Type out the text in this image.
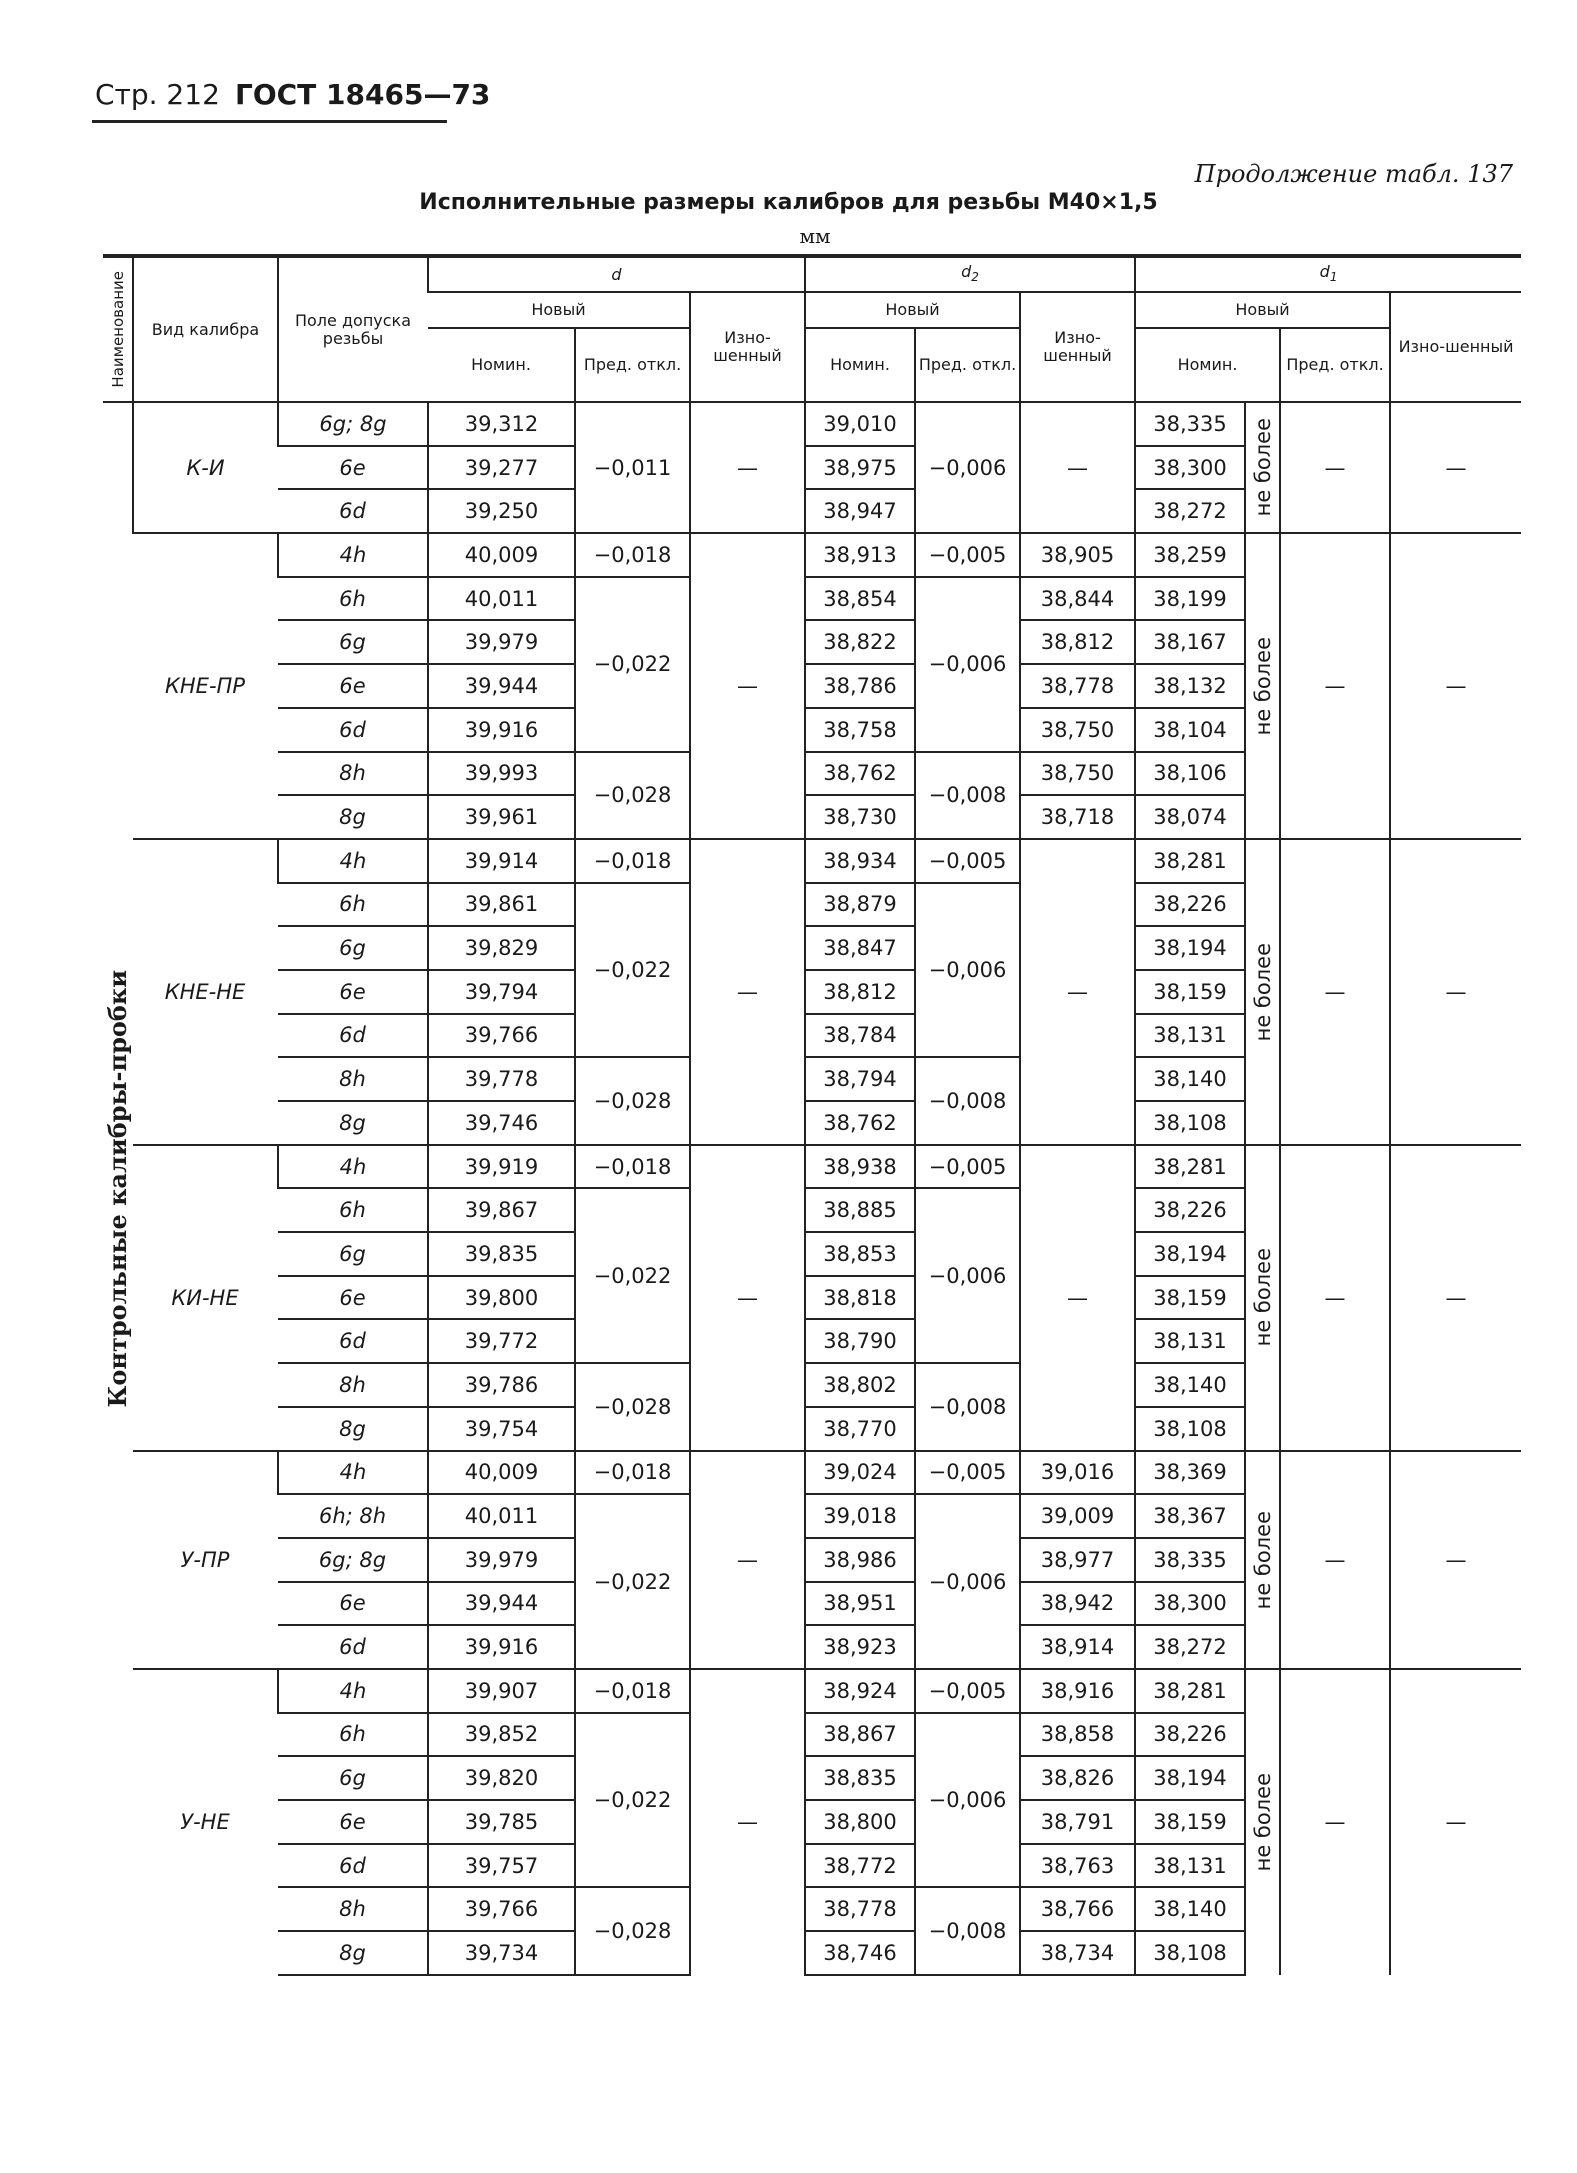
Стр. 212 ГОСТ 18465—73
Продолжение табл. 137
Исполнительные размеры калибров для резьбы М40×1,5
мм
Наименование	Вид калибра	Поле допуска резьбы	d			$d_2$			$d_1$
			Новый		Изно-шенный	Новый		Изно-шенный	Новый			Изно-шенный
			Номин.	Пред. откл.		Номин.	Пред. откл.		Номин.		Пред. откл.	

Контрольные калибры-пробки	К-И	6g; 8g	39,312	−0,011	—	39,010	−0,006	—	38,335	не более	—	—
		6e	39,277			38,975			38,300			
		6d	39,250			38,947			38,272			
	КНЕ-ПР	4h	40,009	−0,018	—	38,913	−0,005	38,905	38,259	не более	—	—
		6h	40,011	−0,022		38,854	−0,006	38,844	38,199			
		6g	39,979			38,822		38,812	38,167			
		6e	39,944			38,786		38,778	38,132			
		6d	39,916			38,758		38,750	38,104			
		8h	39,993	−0,028		38,762	−0,008	38,750	38,106			
		8g	39,961			38,730		38,718	38,074			
	КНЕ-НЕ	4h	39,914	−0,018	—	38,934	−0,005	—	38,281	не более	—	—
		6h	39,861	−0,022		38,879	−0,006		38,226			
		6g	39,829			38,847			38,194			
		6e	39,794			38,812			38,159			
		6d	39,766			38,784			38,131			
		8h	39,778	−0,028		38,794	−0,008		38,140			
		8g	39,746			38,762			38,108			
	КИ-НЕ	4h	39,919	−0,018	—	38,938	−0,005	—	38,281	не более	—	—
		6h	39,867	−0,022		38,885	−0,006		38,226			
		6g	39,835			38,853			38,194			
		6e	39,800			38,818			38,159			
		6d	39,772			38,790			38,131			
		8h	39,786	−0,028		38,802	−0,008		38,140			
		8g	39,754			38,770			38,108			
	У-ПР	4h	40,009	−0,018	—	39,024	−0,005	39,016	38,369	не более	—	—
		6h; 8h	40,011	−0,022		39,018	−0,006	39,009	38,367			
		6g; 8g	39,979			38,986		38,977	38,335			
		6e	39,944			38,951		38,942	38,300			
		6d	39,916			38,923		38,914	38,272			
	У-НЕ	4h	39,907	−0,018	—	38,924	−0,005	38,916	38,281	не более	—	—
		6h	39,852	−0,022		38,867	−0,006	38,858	38,226			
		6g	39,820			38,835		38,826	38,194			
		6e	39,785			38,800		38,791	38,159			
		6d	39,757			38,772		38,763	38,131			
		8h	39,766	−0,028		38,778	−0,008	38,766	38,140			
		8g	39,734			38,746		38,734	38,108			
